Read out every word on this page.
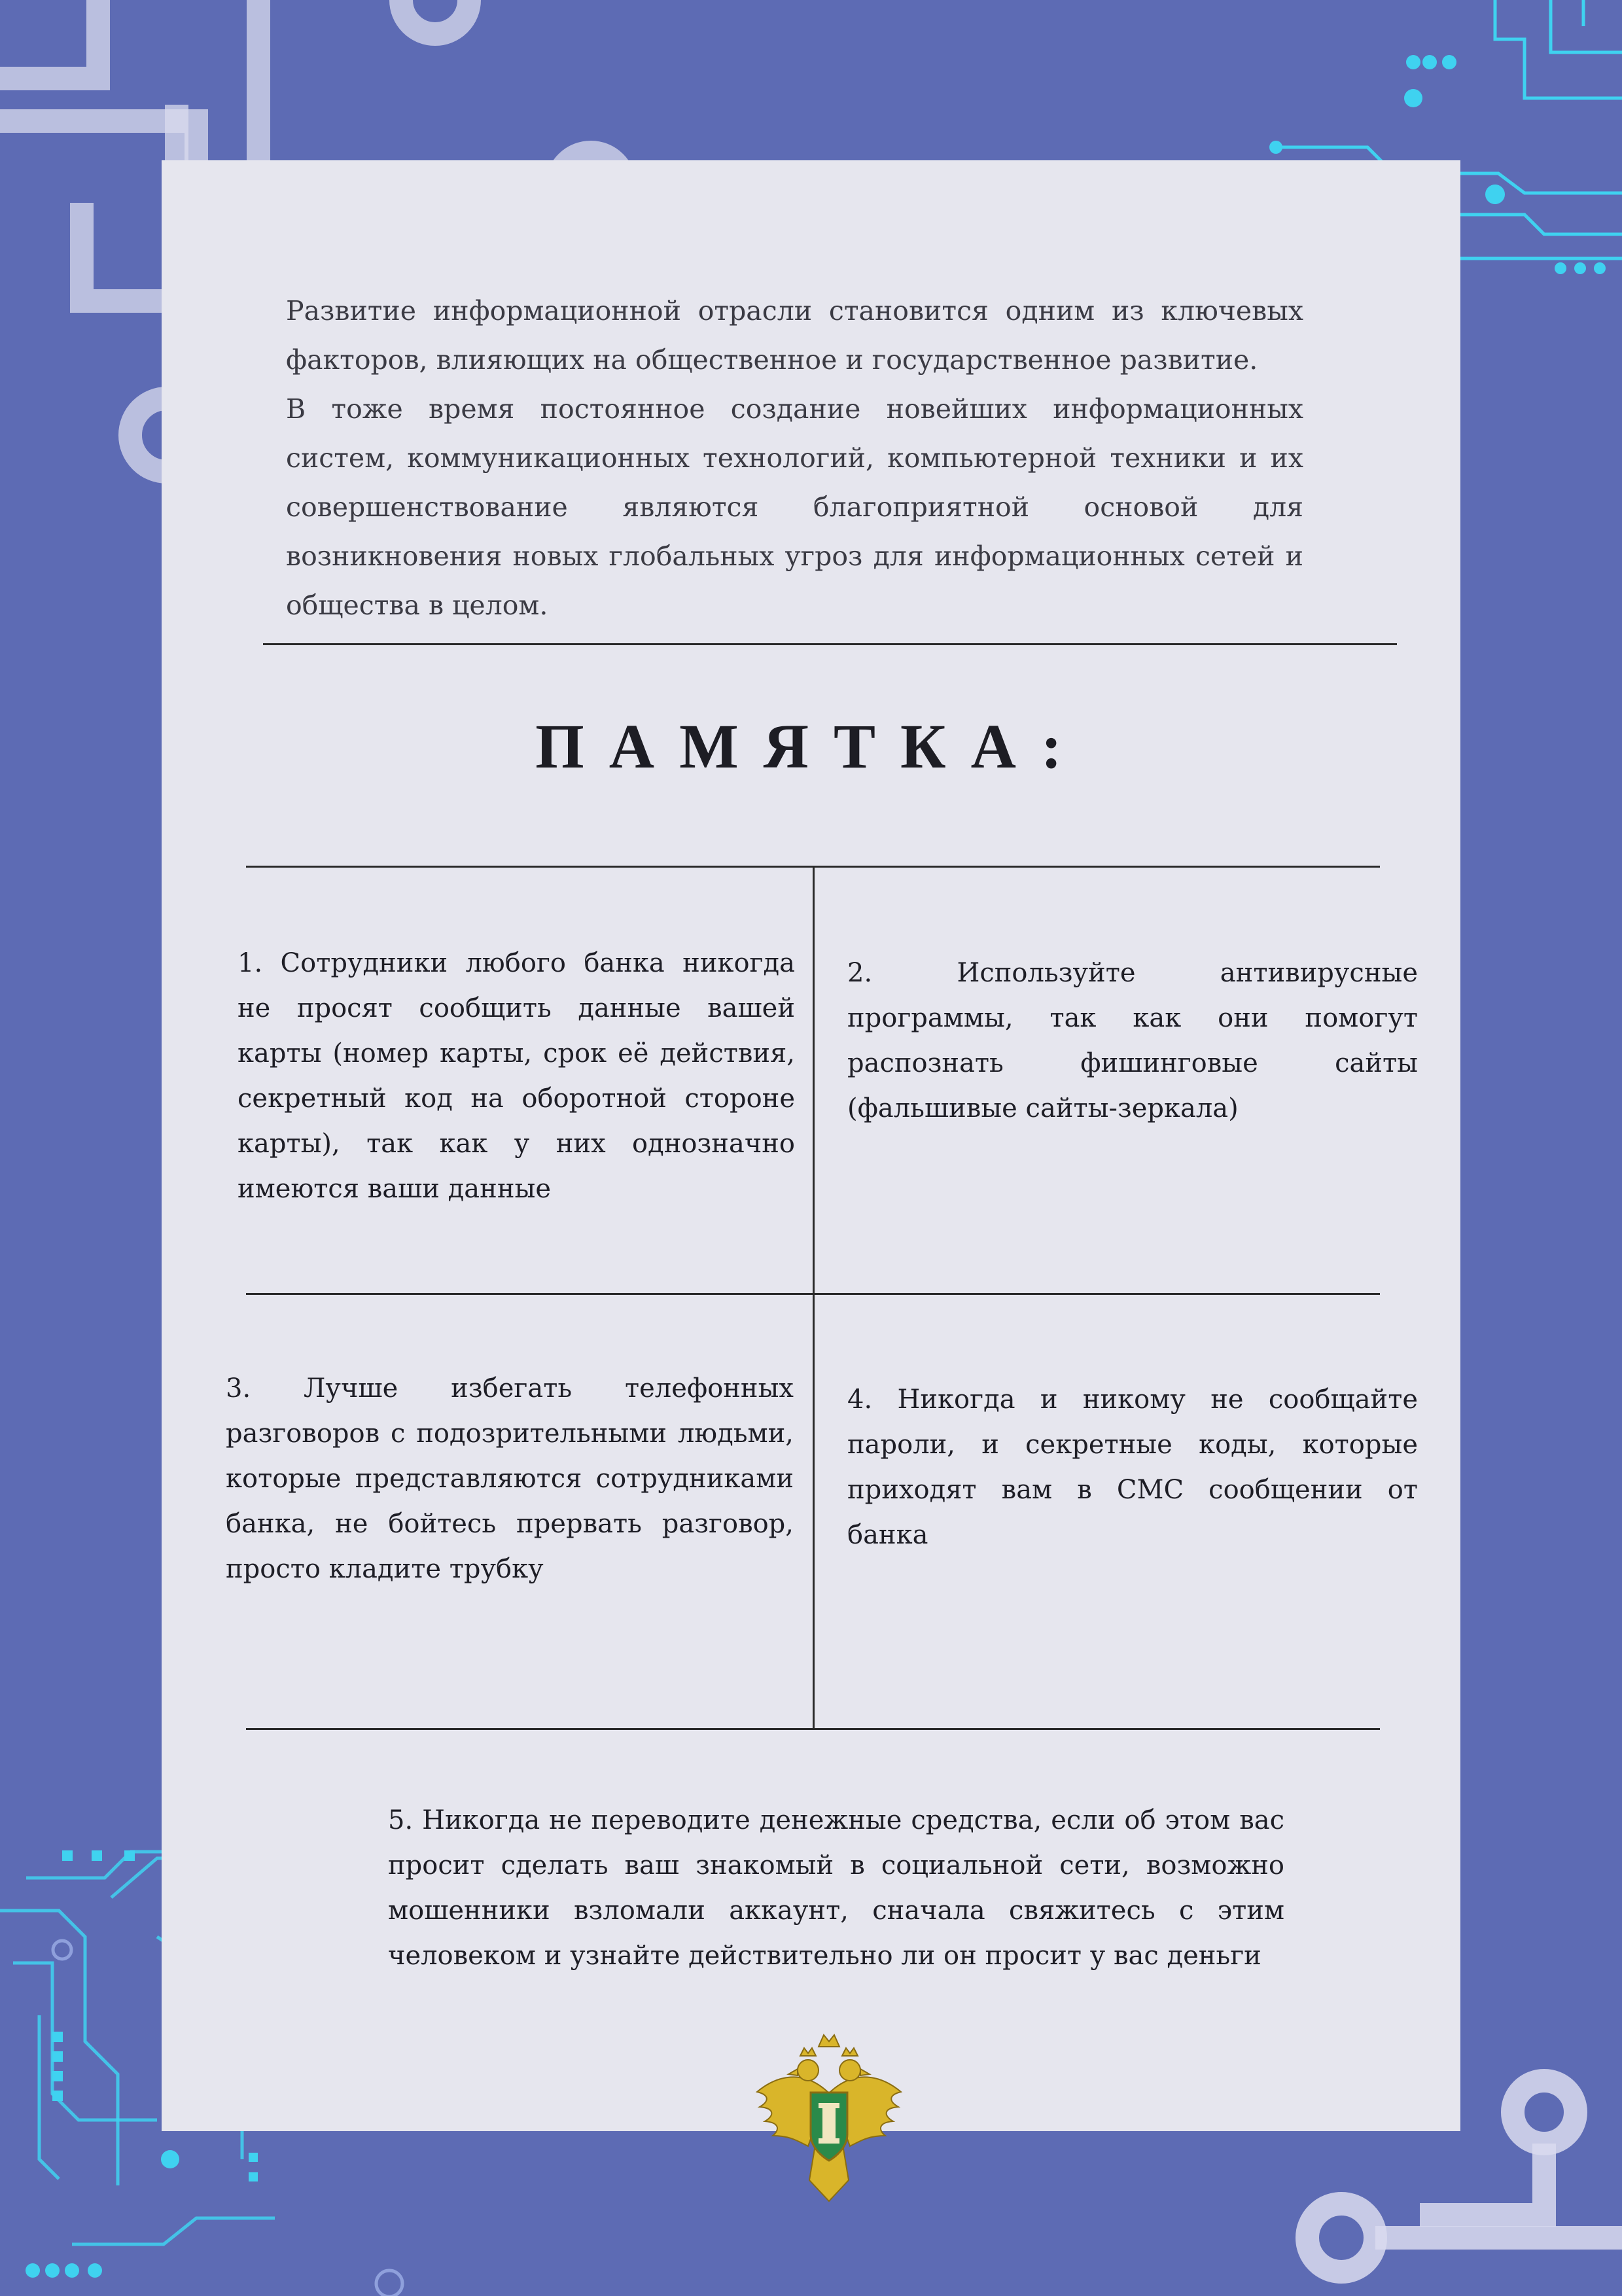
Развитие информационной отрасли становится одним из ключевых факторов, влияющих на общественное и государственное развитие.

В тоже время постоянное создание новейших информационных систем, коммуникационных технологий, компьютерной техники и их совершенствование являются благоприятной основой для возникновения новых глобальных угроз для информационных сетей и общества в целом.

ПАМЯТКА:

1. Сотрудники любого банка никогда не просят сообщить данные вашей карты (номер карты, срок её действия, секретный код на оборотной стороне карты), так как у них однозначно имеются ваши данные

2. Используйте антивирусные программы, так как они помогут распознать фишинговые сайты (фальшивые сайты-зеркала)

3. Лучше избегать телефонных разговоров с подозрительными людьми, которые представляются сотрудниками банка, не бойтесь прервать разговор, просто кладите трубку

4. Никогда и никому не сообщайте пароли, и секретные коды, которые приходят вам в СМС сообщении от банка

5. Никогда не переводите денежные средства, если об этом вас просит сделать ваш знакомый в социальной сети, возможно мошенники взломали аккаунт, сначала свяжитесь с этим человеком и узнайте действительно ли он просит у вас деньги
